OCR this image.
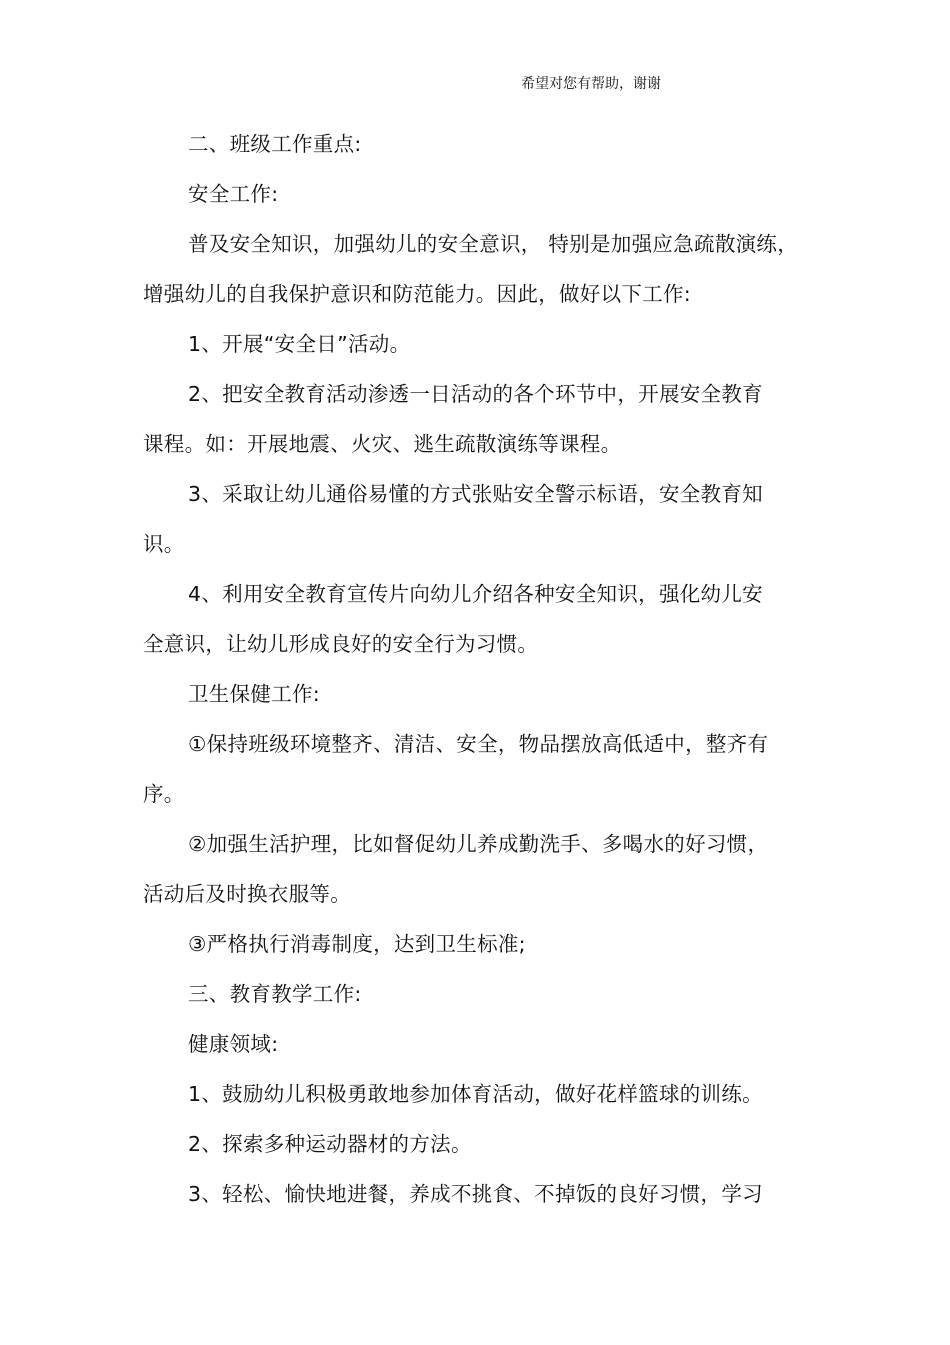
希望对您有帮助，谢谢
二、班级工作重点:
安全工作:
普及安全知识，加强幼儿的安全意识， 特别是加强应急疏散演练，
增强幼儿的自我保护意识和防范能力。因此，做好以下工作:
1、开展“安全日”活动。
2、把安全教育活动渗透一日活动的各个环节中，开展安全教育
课程。如：开展地震、火灾、逃生疏散演练等课程。
3、采取让幼儿通俗易懂的方式张贴安全警示标语，安全教育知
识。
4、利用安全教育宣传片向幼儿介绍各种安全知识，强化幼儿安
全意识，让幼儿形成良好的安全行为习惯。
卫生保健工作:
①保持班级环境整齐、清洁、安全，物品摆放高低适中，整齐有
序。
②加强生活护理，比如督促幼儿养成勤洗手、多喝水的好习惯，
活动后及时换衣服等。
③严格执行消毒制度，达到卫生标准;
三、教育教学工作:
健康领域:
1、鼓励幼儿积极勇敢地参加体育活动，做好花样篮球的训练。
2、探索多种运动器材的方法。
3、轻松、愉快地进餐，养成不挑食、不掉饭的良好习惯，学习
